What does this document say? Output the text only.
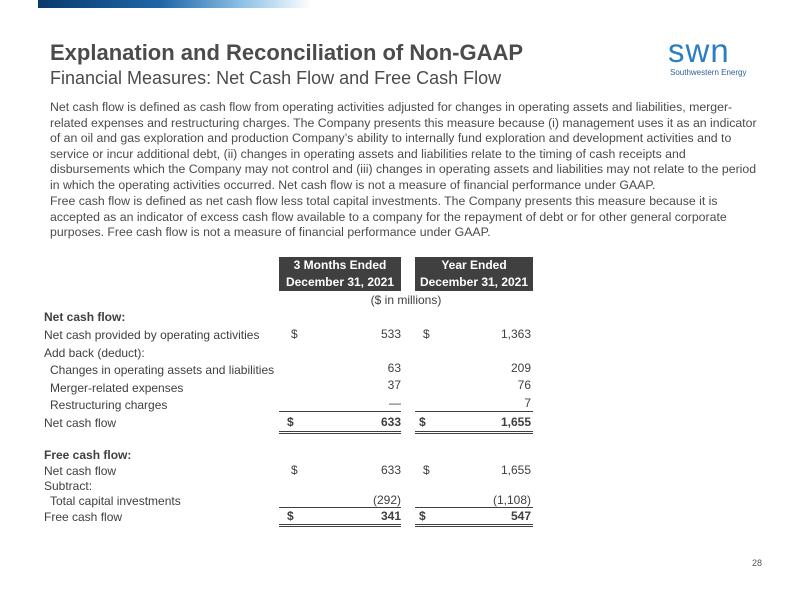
Explanation and Reconciliation of Non-GAAP
Financial Measures: Net Cash Flow and Free Cash Flow
swn
Southwestern Energy

Net cash flow is defined as cash flow from operating activities adjusted for changes in operating assets and liabilities, merger-related expenses and restructuring charges. The Company presents this measure because (i) management uses it as an indicator of an oil and gas exploration and production Company’s ability to internally fund exploration and development activities and to service or incur additional debt, (ii) changes in operating assets and liabilities relate to the timing of cash receipts and disbursements which the Company may not control and (iii) changes in operating assets and liabilities may not relate to the period in which the operating activities occurred. Net cash flow is not a measure of financial performance under GAAP.

Free cash flow is defined as net cash flow less total capital investments. The Company presents this measure because it is accepted as an indicator of excess cash flow available to a company for the repayment of debt or for other general corporate purposes. Free cash flow is not a measure of financial performance under GAAP.

3 Months Ended
December 31, 2021
Year Ended
December 31, 2021
($ in millions)
Net cash flow:
Net cash provided by operating activities	$	533 $	1,363
Add back (deduct):
Changes in operating assets and liabilities	63	209
Merger-related expenses	37	76
Restructuring charges	—	7
Net cash flow	$	633 $	1,655
Free cash flow:
Net cash flow	$	633 $	1,655
Subtract:
Total capital investments	(292)	(1,108)
Free cash flow	$	341 $	547
28
